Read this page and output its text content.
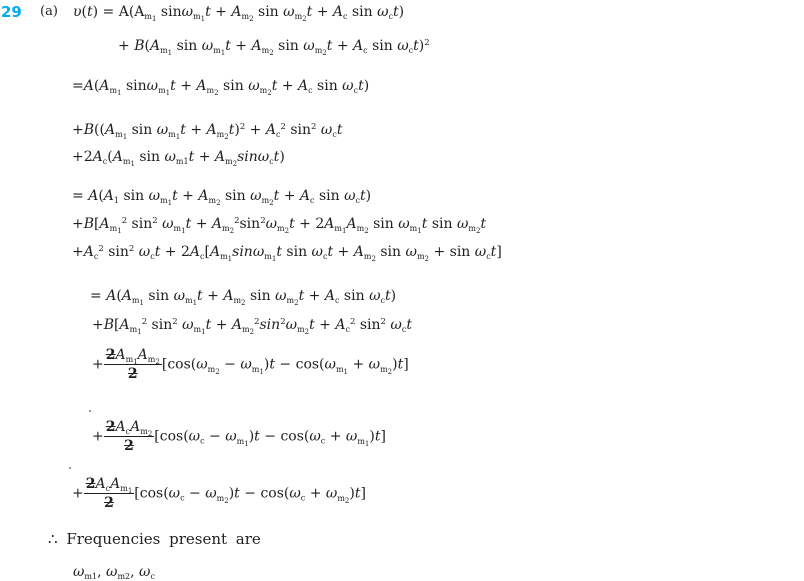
29 (a) $\upsilon(t) = A(A_{m_1}$ $\sin\omega_{m_1}t + A_{m_2}$ $\sin \omega_{m_2}t + A_c$ $\sin \omega_ct$)
+ $B(A_{m_1}$ $\sin \omega_{m_1}t + A_{m_2}$ $\sin \omega_{m_2}t + A_c$ $\sin \omega_ct)^2$
$=A(A_{m_1}$ $\sin\omega_{m_1}t + A_{m_2}$ $\sin \omega_{m_2}t + A_c$ $\sin \omega_ct$)
$+B((A_{m_1}$ $\sin \omega_{m_1}t + A_{m_2}t)^2 + A_c^2$ $\sin^2 \omega_ct$
$+2A_c(A_{m_1}$ $\sin \omega_{m1}t + A_{m_2}\sin\omega_ct$)
= $A(A_1$ $\sin \omega_{m_1}t + A_{m_2}$ $\sin \omega_{m_2}t + A_c$ $\sin \omega_ct$)
$+B[A_{m_1}^2$ $\sin^2 \omega_{m_1}t + A_{m_2}^2\sin^2\omega_{m_2}t + 2A_{m_1}A_{m_2}$ $\sin \omega_{m_1}t$ $\sin \omega_{m_2}t$
$+A_c^2$ $\sin^2 \omega_ct + 2A_c[A_{m_1}\sin\omega_{m_1}t$ $\sin \omega_ct + A_{m_2}$ $\sin \omega_{m_2} + \sin \omega_ct$]
= $A(A_{m_1}$ $\sin \omega_{m_1}t + A_{m_2}$ $\sin \omega_{m_2}t + A_c$ $\sin \omega_ct$)
$+B[A_{m_1}^2$ $\sin^2 \omega_{m_1}t + A_{m_2}^2\sin^2\omega_{m_2}t + A_c^2$ $\sin^2 \omega_ct$
+ $\frac{2A_{m_1}A_{m_2}}{2} [\cos(\omega_{m_2} - \omega_{m_1})t - \cos(\omega_{m_1} + \omega_{m_2})t]$
+ $\frac{2A_cA_{m_2}}{2} [\cos(\omega_c - \omega_{m_1})t - \cos(\omega_c + \omega_{m_1})t]$
+ $\frac{2A_cA_{m_1}}{2} [\cos(\omega_c - \omega_{m_2})t - \cos(\omega_c + \omega_{m_2})t]$
∴ Frequencies present are
$\omega_{m1}$, $\omega_{m2}$, $\omega_c$
